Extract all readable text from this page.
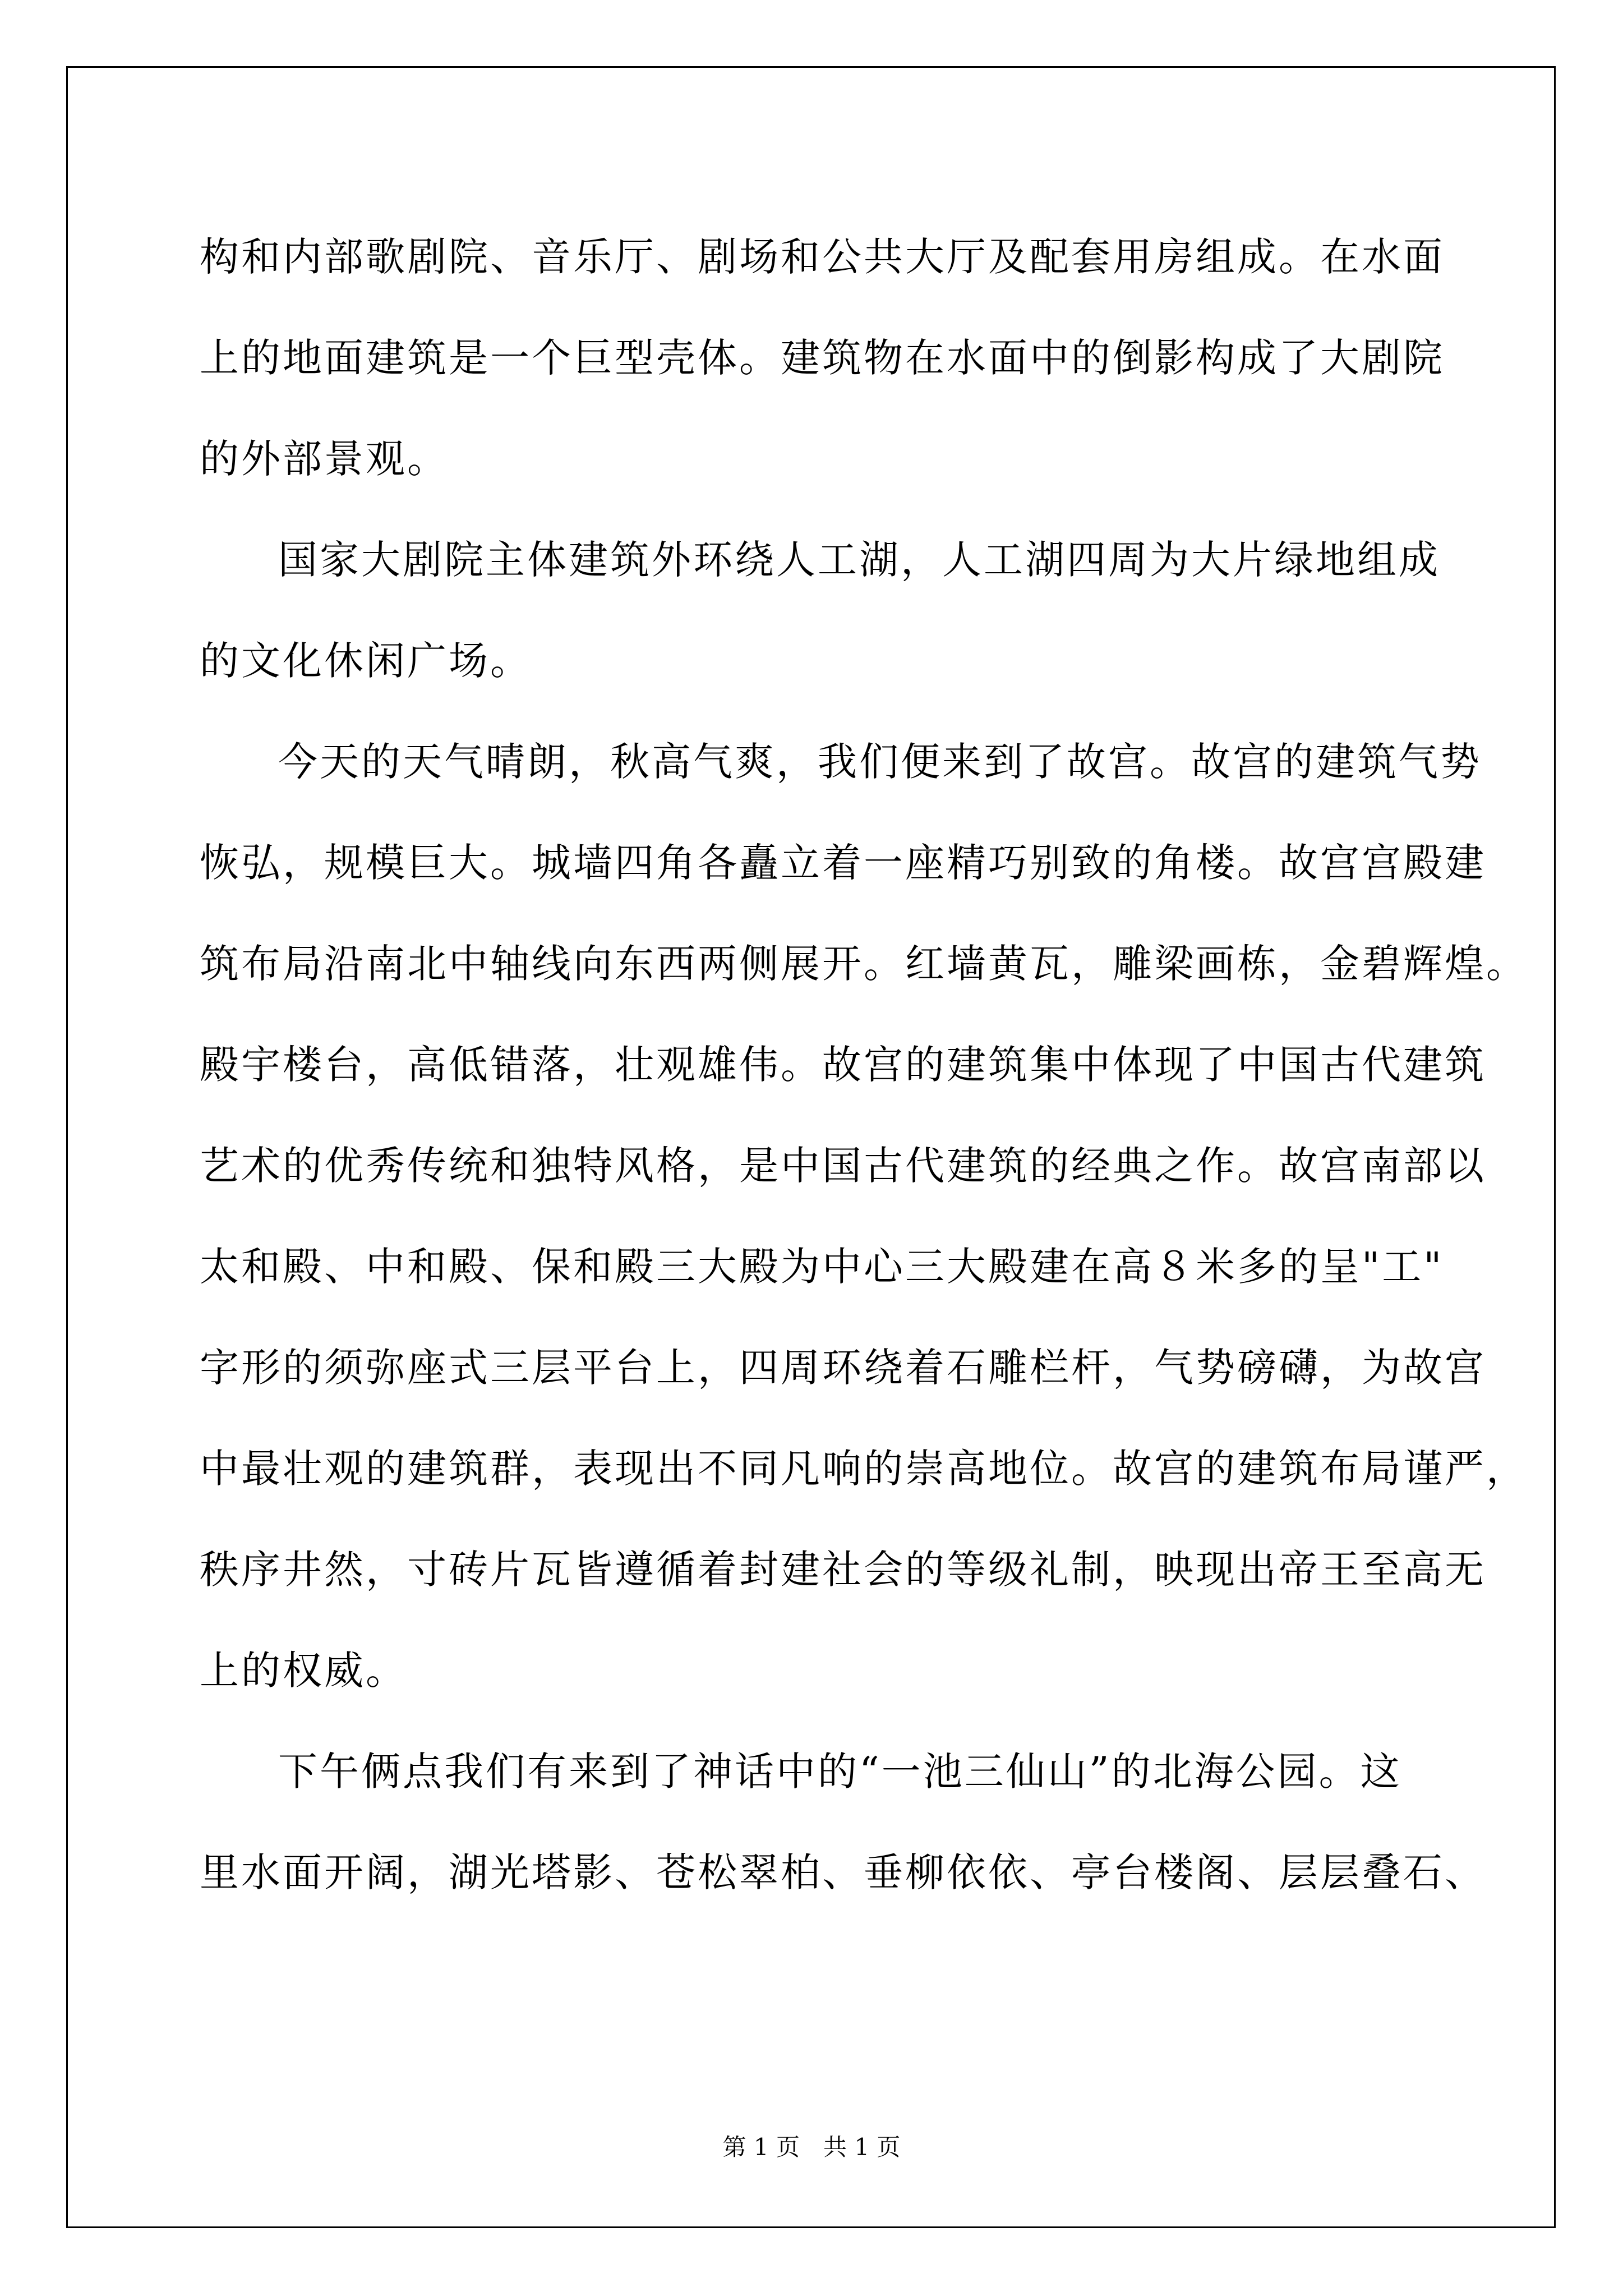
构和内部歌剧院、音乐厅、剧场和公共大厅及配套用房组成。在水面
上的地面建筑是一个巨型壳体。建筑物在水面中的倒影构成了大剧院
的外部景观。
国家大剧院主体建筑外环绕人工湖，人工湖四周为大片绿地组成
的文化休闲广场。
今天的天气晴朗，秋高气爽，我们便来到了故宫。故宫的建筑气势
恢弘，规模巨大。城墙四角各矗立着一座精巧别致的角楼。故宫宫殿建
筑布局沿南北中轴线向东西两侧展开。红墙黄瓦，雕梁画栋，金碧辉煌。
殿宇楼台，高低错落，壮观雄伟。故宫的建筑集中体现了中国古代建筑
艺术的优秀传统和独特风格，是中国古代建筑的经典之作。故宫南部以
太和殿、中和殿、保和殿三大殿为中心三大殿建在高８米多的呈"工"
字形的须弥座式三层平台上，四周环绕着石雕栏杆，气势磅礴，为故宫
中最壮观的建筑群，表现出不同凡响的崇高地位。故宫的建筑布局谨严，
秩序井然，寸砖片瓦皆遵循着封建社会的等级礼制，映现出帝王至高无
上的权威。
下午俩点我们有来到了神话中的“一池三仙山”的北海公园。这
里水面开阔，湖光塔影、苍松翠柏、垂柳依依、亭台楼阁、层层叠石、
第 1 页　共 1 页
